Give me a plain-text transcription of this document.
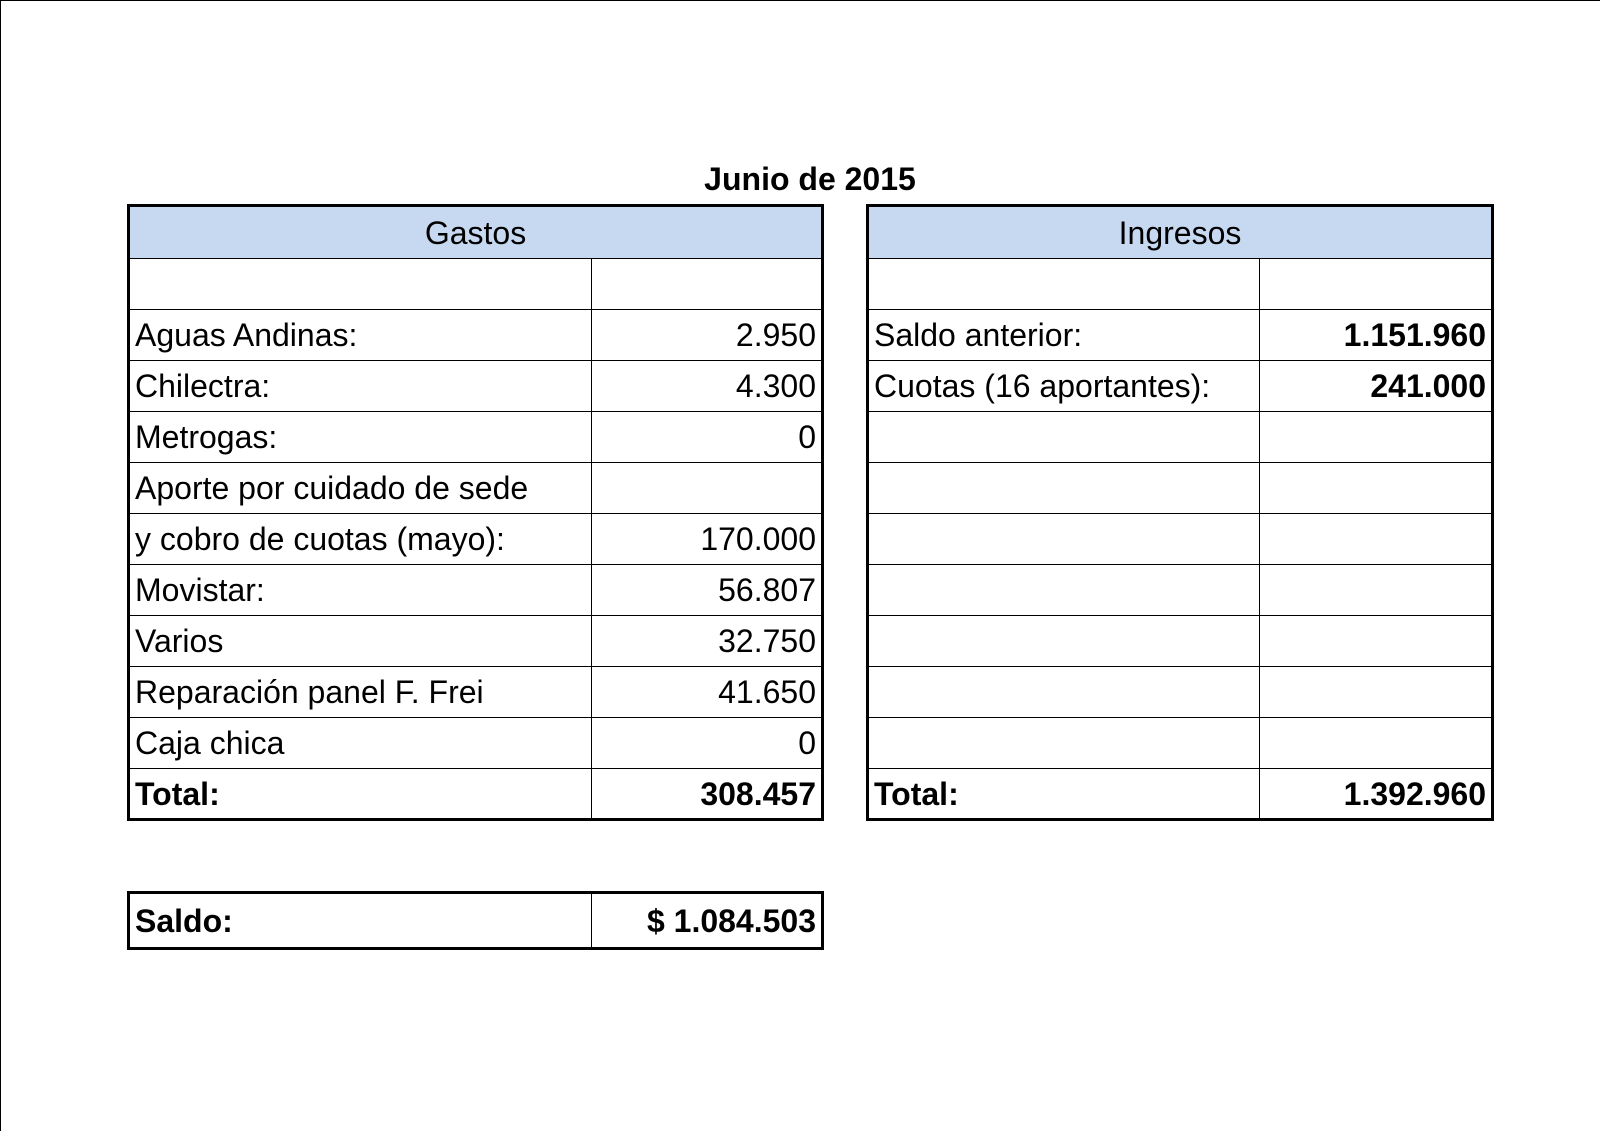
Junio de 2015
Gastos	

Aguas Andinas:	2.950
Chilectra:	4.300
Metrogas:	0
Aporte por cuidado de sede	
y cobro de cuotas (mayo):	170.000
Movistar:	56.807
Varios	32.750
Reparación panel F. Frei	41.650
Caja chica	0
Total:	308.457
Ingresos	

Saldo anterior:	1.151.960
Cuotas (16 aportantes):	241.000

Total:	1.392.960
Saldo:	$ 1.084.503
